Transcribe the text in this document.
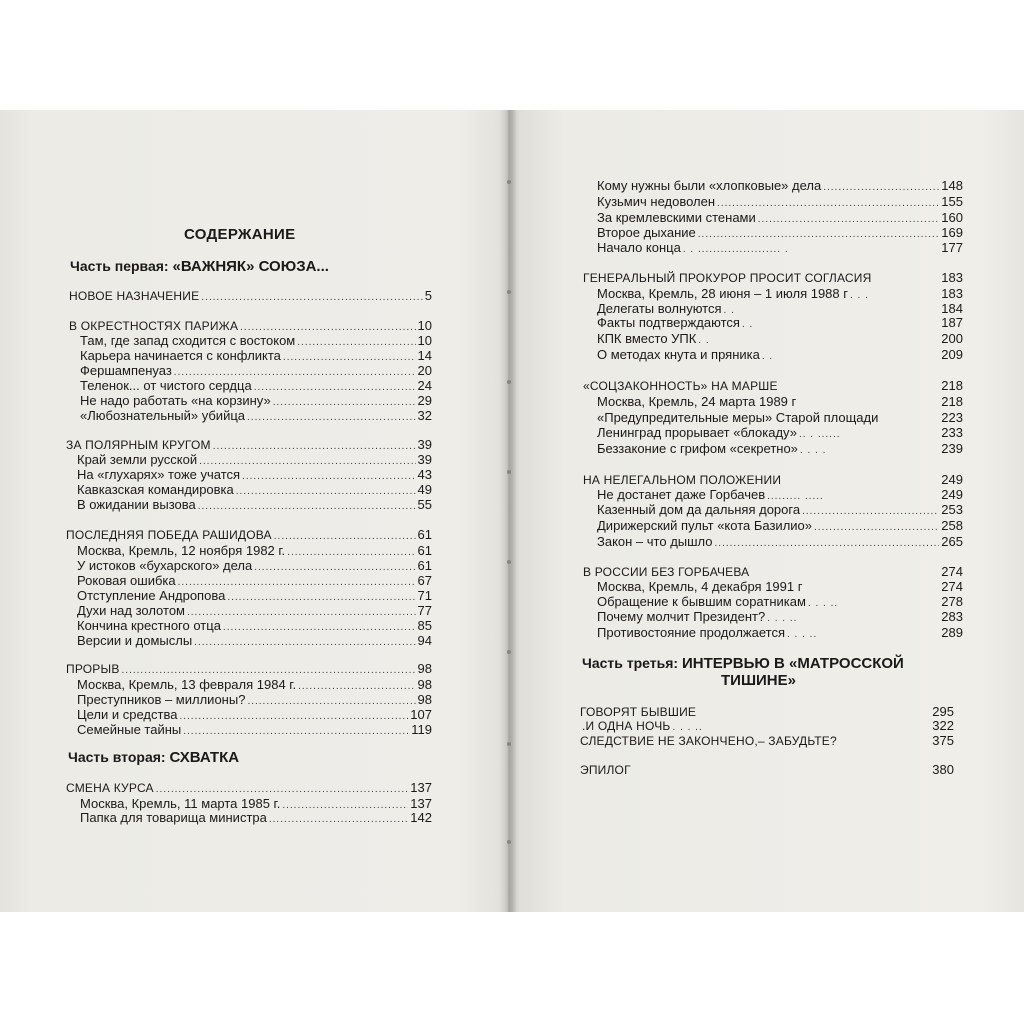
СОДЕРЖАНИЕ
Часть первая: «ВАЖНЯК» СОЮЗА...
НОВОЕ НАЗНАЧЕНИЕ .....	5
В ОКРЕСТНОСТЯХ ПАРИЖА .....	10
Там, где запад сходится с востоком .....	10
Карьера начинается с конфликта .....	14
Фершампенуаз .....	20
Теленок... от чистого сердца .....	24
Не надо работать «на корзину» .....	29
«Любознательный» убийца .....	32
ЗА ПОЛЯРНЫМ КРУГОМ .....	39
Край земли русской .....	39
На «глухарях» тоже учатся .....	43
Кавказская командировка .....	49
В ожидании вызова .....	55
ПОСЛЕДНЯЯ ПОБЕДА РАШИДОВА .....	61
Москва, Кремль, 12 ноября 1982 г. .....	61
У истоков «бухарского» дела .....	61
Роковая ошибка .....	67
Отступление Андропова .....	71
Духи над золотом .....	77
Кончина крестного отца .....	85
Версии и домыслы .....	94
ПРОРЫВ .....	98
Москва, Кремль, 13 февраля 1984 г. .....	98
Преступников – миллионы? .....	98
Цели и средства .....	107
Семейные тайны .....	119
Часть вторая: СХВАТКА
СМЕНА КУРСА .....	137
Москва, Кремль, 11 марта 1985 г. .....	137
Папка для товарища министра .....	142
Кому нужны были «хлопковые» дела .....	148
Кузьмич недоволен .....	155
За кремлевскими стенами .....	160
Второе дыхание .....	169
Начало конца .	177
ГЕНЕРАЛЬНЫЙ ПРОКУРОР ПРОСИТ СОГЛАСИЯ	183
Москва, Кремль, 28 июня – 1 июля 1988 г .	183
Делегаты волнуются .	184
Факты подтверждаются .	187
КПК вместо УПК .	200
О методах кнута и пряника .	209
«СОЦЗАКОННОСТЬ» НА МАРШЕ	218
Москва, Кремль, 24 марта 1989 г	218
«Предупредительные меры» Старой площади	223
Ленинград прорывает «блокаду» .. .	233
Беззаконие с грифом «секретно» . .	239
НА НЕЛЕГАЛЬНОМ ПОЛОЖЕНИИ	249
Не достанет даже Горбачев .....	249
Казенный дом да дальняя дорога .....	253
Дирижерский пульт «кота Базилио» .....	258
Закон – что дышло .....	265
В РОССИИ БЕЗ ГОРБАЧЕВА	274
Москва, Кремль, 4 декабря 1991 г	274
Обращение к бывшим соратникам . .	278
Почему молчит Президент? . .	283
Противостояние продолжается . .	289
Часть третья: ИНТЕРВЬЮ В «МАТРОССКОЙ
ТИШИНЕ»
ГОВОРЯТ БЫВШИЕ	295
.И ОДНА НОЧЬ . .	322
СЛЕДСТВИЕ НЕ ЗАКОНЧЕНО,– ЗАБУДЬТЕ?	375
ЭПИЛОГ	380
